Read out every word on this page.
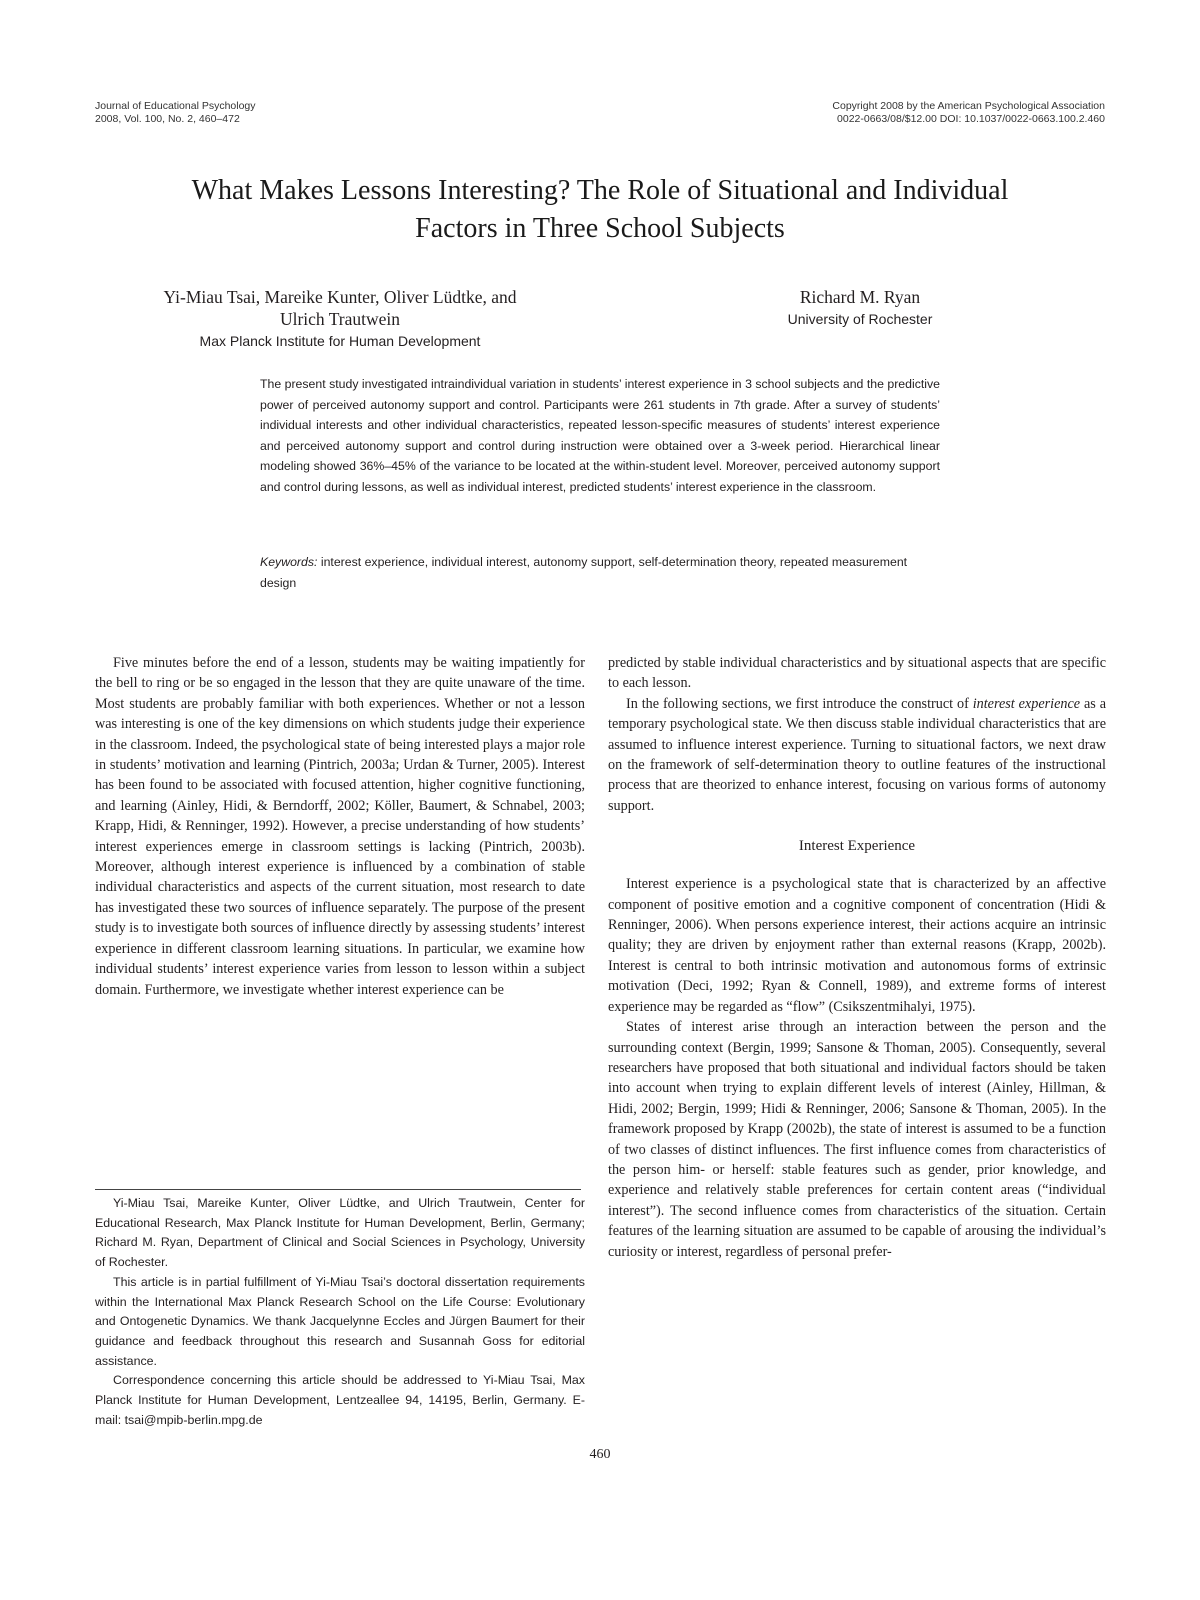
Journal of Educational Psychology
2008, Vol. 100, No. 2, 460–472
Copyright 2008 by the American Psychological Association
0022-0663/08/$12.00 DOI: 10.1037/0022-0663.100.2.460
What Makes Lessons Interesting? The Role of Situational and Individual
Factors in Three School Subjects
Yi-Miau Tsai, Mareike Kunter, Oliver Lüdtke, and
Ulrich Trautwein
Max Planck Institute for Human Development
Richard M. Ryan
University of Rochester
The present study investigated intraindividual variation in students’ interest experience in 3 school subjects and the predictive power of perceived autonomy support and control. Participants were 261 students in 7th grade. After a survey of students’ individual interests and other individual characteristics, repeated lesson-specific measures of students’ interest experience and perceived autonomy support and control during instruction were obtained over a 3-week period. Hierarchical linear modeling showed 36%–45% of the variance to be located at the within-student level. Moreover, perceived autonomy support and control during lessons, as well as individual interest, predicted students’ interest experience in the classroom.
Keywords: interest experience, individual interest, autonomy support, self-determination theory, repeated measurement design

Five minutes before the end of a lesson, students may be waiting impatiently for the bell to ring or be so engaged in the lesson that they are quite unaware of the time. Most students are probably familiar with both experiences. Whether or not a lesson was interesting is one of the key dimensions on which students judge their experience in the classroom. Indeed, the psychological state of being interested plays a major role in students’ motivation and learning (Pintrich, 2003a; Urdan & Turner, 2005). Interest has been found to be associated with focused attention, higher cognitive functioning, and learning (Ainley, Hidi, & Berndorff, 2002; Köller, Baumert, & Schnabel, 2003; Krapp, Hidi, & Renninger, 1992). However, a precise understanding of how students’ interest experiences emerge in classroom settings is lacking (Pintrich, 2003b). Moreover, although interest experience is influenced by a combination of stable individual characteristics and aspects of the current situation, most research to date has investigated these two sources of influence separately. The purpose of the present study is to investigate both sources of influence directly by assessing students’ interest experience in different classroom learning situations. In particular, we examine how individual students’ interest experience varies from lesson to lesson within a subject domain. Furthermore, we investigate whether interest experience can be

predicted by stable individual characteristics and by situational aspects that are specific to each lesson.

In the following sections, we first introduce the construct of interest experience as a temporary psychological state. We then discuss stable individual characteristics that are assumed to influence interest experience. Turning to situational factors, we next draw on the framework of self-determination theory to outline features of the instructional process that are theorized to enhance interest, focusing on various forms of autonomy support.

Interest Experience

Interest experience is a psychological state that is characterized by an affective component of positive emotion and a cognitive component of concentration (Hidi & Renninger, 2006). When persons experience interest, their actions acquire an intrinsic quality; they are driven by enjoyment rather than external reasons (Krapp, 2002b). Interest is central to both intrinsic motivation and autonomous forms of extrinsic motivation (Deci, 1992; Ryan & Connell, 1989), and extreme forms of interest experience may be regarded as “flow” (Csikszentmihalyi, 1975).

States of interest arise through an interaction between the person and the surrounding context (Bergin, 1999; Sansone & Thoman, 2005). Consequently, several researchers have proposed that both situational and individual factors should be taken into account when trying to explain different levels of interest (Ainley, Hillman, & Hidi, 2002; Bergin, 1999; Hidi & Renninger, 2006; Sansone & Thoman, 2005). In the framework proposed by Krapp (2002b), the state of interest is assumed to be a function of two classes of distinct influences. The first influence comes from characteristics of the person him- or herself: stable features such as gender, prior knowledge, and experience and relatively stable preferences for certain content areas (“individual interest”). The second influence comes from characteristics of the situation. Certain features of the learning situation are assumed to be capable of arousing the individual’s curiosity or interest, regardless of personal prefer-

Yi-Miau Tsai, Mareike Kunter, Oliver Lüdtke, and Ulrich Trautwein, Center for Educational Research, Max Planck Institute for Human Development, Berlin, Germany; Richard M. Ryan, Department of Clinical and Social Sciences in Psychology, University of Rochester.

This article is in partial fulfillment of Yi-Miau Tsai’s doctoral dissertation requirements within the International Max Planck Research School on the Life Course: Evolutionary and Ontogenetic Dynamics. We thank Jacquelynne Eccles and Jürgen Baumert for their guidance and feedback throughout this research and Susannah Goss for editorial assistance.

Correspondence concerning this article should be addressed to Yi-Miau Tsai, Max Planck Institute for Human Development, Lentzeallee 94, 14195, Berlin, Germany. E-mail: tsai@mpib-berlin.mpg.de

460
